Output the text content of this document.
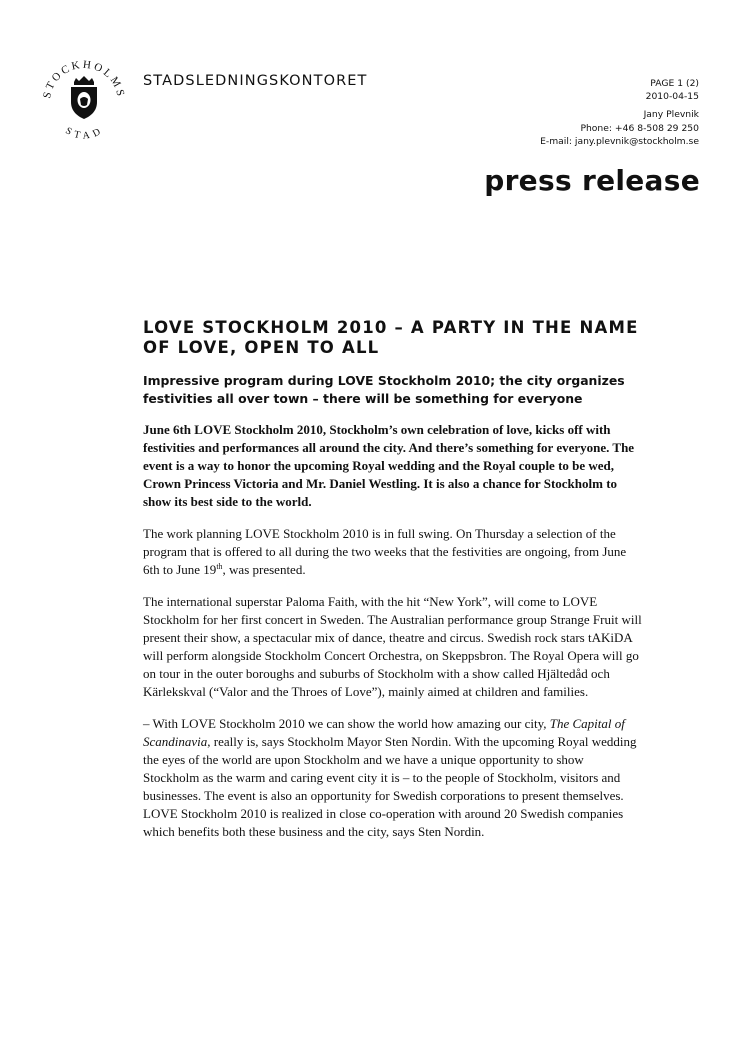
STOCKHOLMS
STAD
STADSLEDNINGSKONTORET	PAGE 1 (2)
2010-04-15
Jany Plevnik
Phone: +46 8-508 29 250
E-mail: jany.plevnik@stockholm.se
press release
LOVE STOCKHOLM 2010 – A PARTY IN THE NAME OF LOVE, OPEN TO ALL

Impressive program during LOVE Stockholm 2010; the city organizes festivities all over town – there will be something for everyone

June 6th LOVE Stockholm 2010, Stockholm’s own celebration of love, kicks off with festivities and performances all around the city. And there’s something for everyone. The event is a way to honor the upcoming Royal wedding and the Royal couple to be wed, Crown Princess Victoria and Mr. Daniel Westling. It is also a chance for Stockholm to show its best side to the world.

The work planning LOVE Stockholm 2010 is in full swing. On Thursday a selection of the program that is offered to all during the two weeks that the festivities are ongoing, from June 6th to June 19th, was presented.

The international superstar Paloma Faith, with the hit “New York”, will come to LOVE Stockholm for her first concert in Sweden. The Australian performance group Strange Fruit will present their show, a spectacular mix of dance, theatre and circus. Swedish rock stars tAKiDA will perform alongside Stockholm Concert Orchestra, on Skeppsbron. The Royal Opera will go on tour in the outer boroughs and suburbs of Stockholm with a show called Hjältedåd och Kärlekskval (“Valor and the Throes of Love”), mainly aimed at children and families.

– With LOVE Stockholm 2010 we can show the world how amazing our city, The Capital of Scandinavia, really is, says Stockholm Mayor Sten Nordin. With the upcoming Royal wedding the eyes of the world are upon Stockholm and we have a unique opportunity to show Stockholm as the warm and caring event city it is – to the people of Stockholm, visitors and businesses. The event is also an opportunity for Swedish corporations to present themselves. LOVE Stockholm 2010 is realized in close co-operation with around 20 Swedish companies which benefits both these business and the city, says Sten Nordin.
